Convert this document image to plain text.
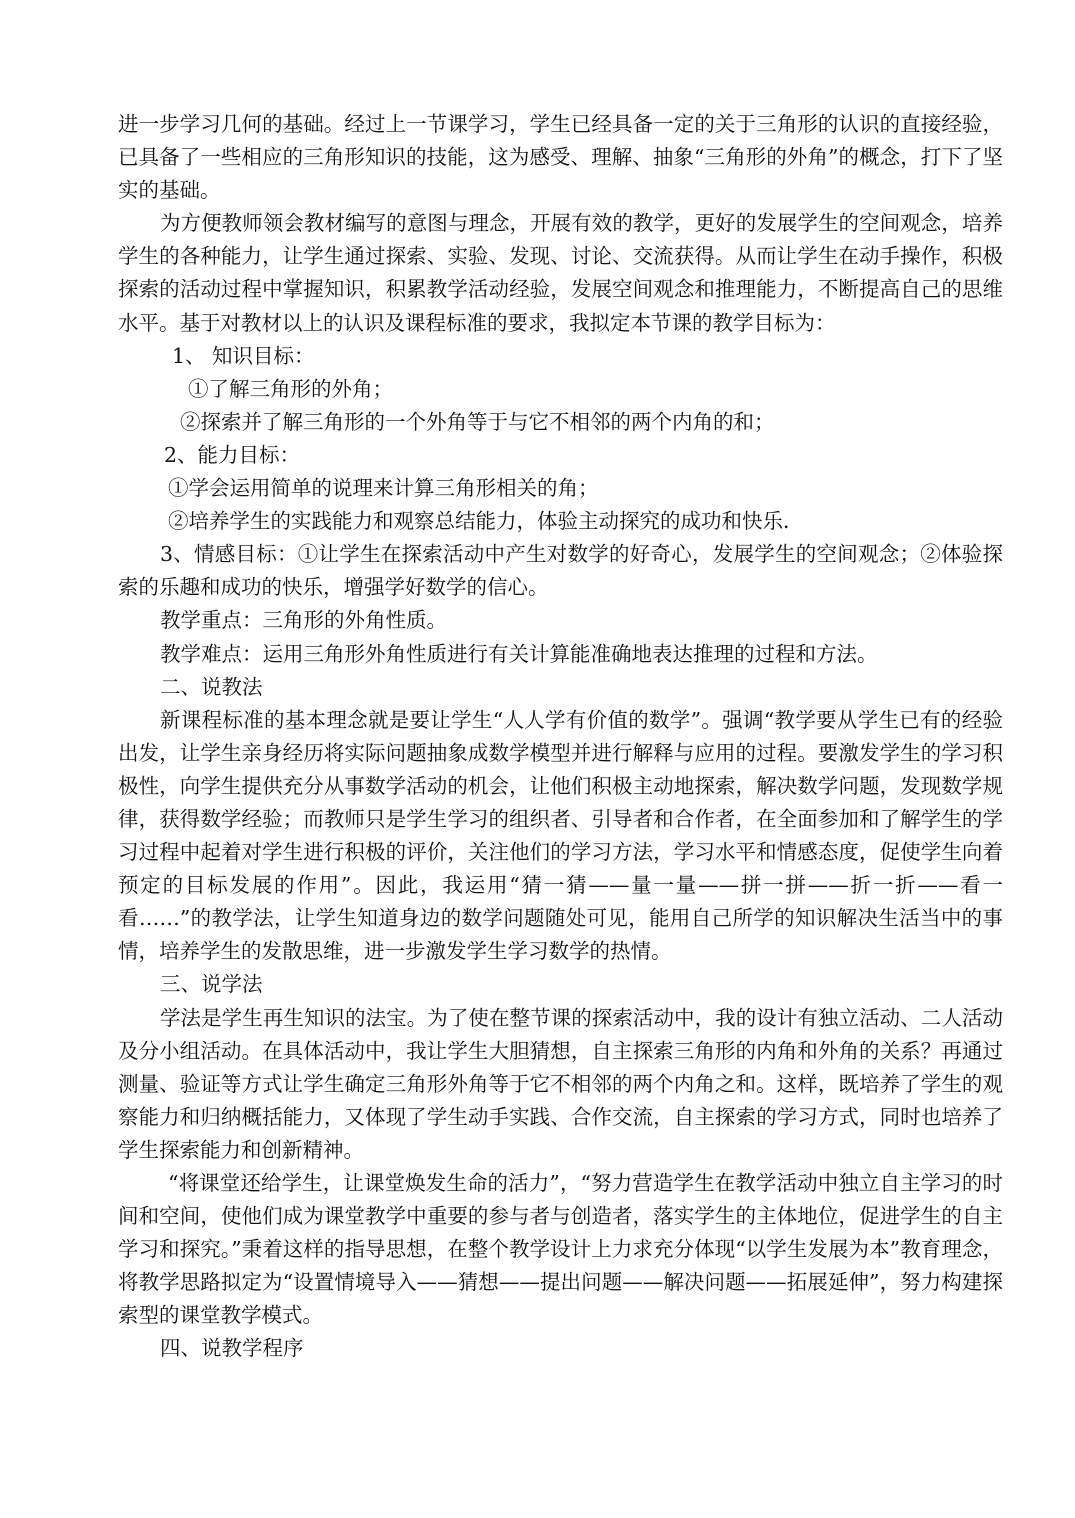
进一步学习几何的基础。经过上一节课学习，学生已经具备一定的关于三角形的认识的直接经验，已具备了一些相应的三角形知识的技能，这为感受、理解、抽象“三角形的外角”的概念，打下了坚实的基础。

为方便教师领会教材编写的意图与理念，开展有效的教学，更好的发展学生的空间观念，培养学生的各种能力，让学生通过探索、实验、发现、讨论、交流获得。从而让学生在动手操作，积极探索的活动过程中掌握知识，积累教学活动经验，发展空间观念和推理能力，不断提高自己的思维水平。基于对教材以上的认识及课程标准的要求，我拟定本节课的教学目标为：

1、 知识目标：

①了解三角形的外角；

②探索并了解三角形的一个外角等于与它不相邻的两个内角的和；

2、能力目标：

①学会运用简单的说理来计算三角形相关的角；

②培养学生的实践能力和观察总结能力，体验主动探究的成功和快乐．

3、情感目标：①让学生在探索活动中产生对数学的好奇心，发展学生的空间观念；②体验探索的乐趣和成功的快乐，增强学好数学的信心。

教学重点：三角形的外角性质。

教学难点：运用三角形外角性质进行有关计算能准确地表达推理的过程和方法。

二、说教法

新课程标准的基本理念就是要让学生“人人学有价值的数学”。强调“教学要从学生已有的经验出发，让学生亲身经历将实际问题抽象成数学模型并进行解释与应用的过程。要激发学生的学习积极性，向学生提供充分从事数学活动的机会，让他们积极主动地探索，解决数学问题，发现数学规律，获得数学经验；而教师只是学生学习的组织者、引导者和合作者，在全面参加和了解学生的学习过程中起着对学生进行积极的评价，关注他们的学习方法，学习水平和情感态度，促使学生向着预定的目标发展的作用”。因此，我运用“猜一猜——量一量——拼一拼——折一折——看一看……”的教学法，让学生知道身边的数学问题随处可见，能用自己所学的知识解决生活当中的事情，培养学生的发散思维，进一步激发学生学习数学的热情。

三、说学法

学法是学生再生知识的法宝。为了使在整节课的探索活动中，我的设计有独立活动、二人活动及分小组活动。在具体活动中，我让学生大胆猜想，自主探索三角形的内角和外角的关系？再通过测量、验证等方式让学生确定三角形外角等于它不相邻的两个内角之和。这样，既培养了学生的观察能力和归纳概括能力，又体现了学生动手实践、合作交流，自主探索的学习方式，同时也培养了学生探索能力和创新精神。

“将课堂还给学生，让课堂焕发生命的活力”，“努力营造学生在教学活动中独立自主学习的时间和空间，使他们成为课堂教学中重要的参与者与创造者，落实学生的主体地位，促进学生的自主学习和探究。”秉着这样的指导思想，在整个教学设计上力求充分体现“以学生发展为本”教育理念，将教学思路拟定为“设置情境导入——猜想——提出问题——解决问题——拓展延伸”，努力构建探索型的课堂教学模式。

四、说教学程序
